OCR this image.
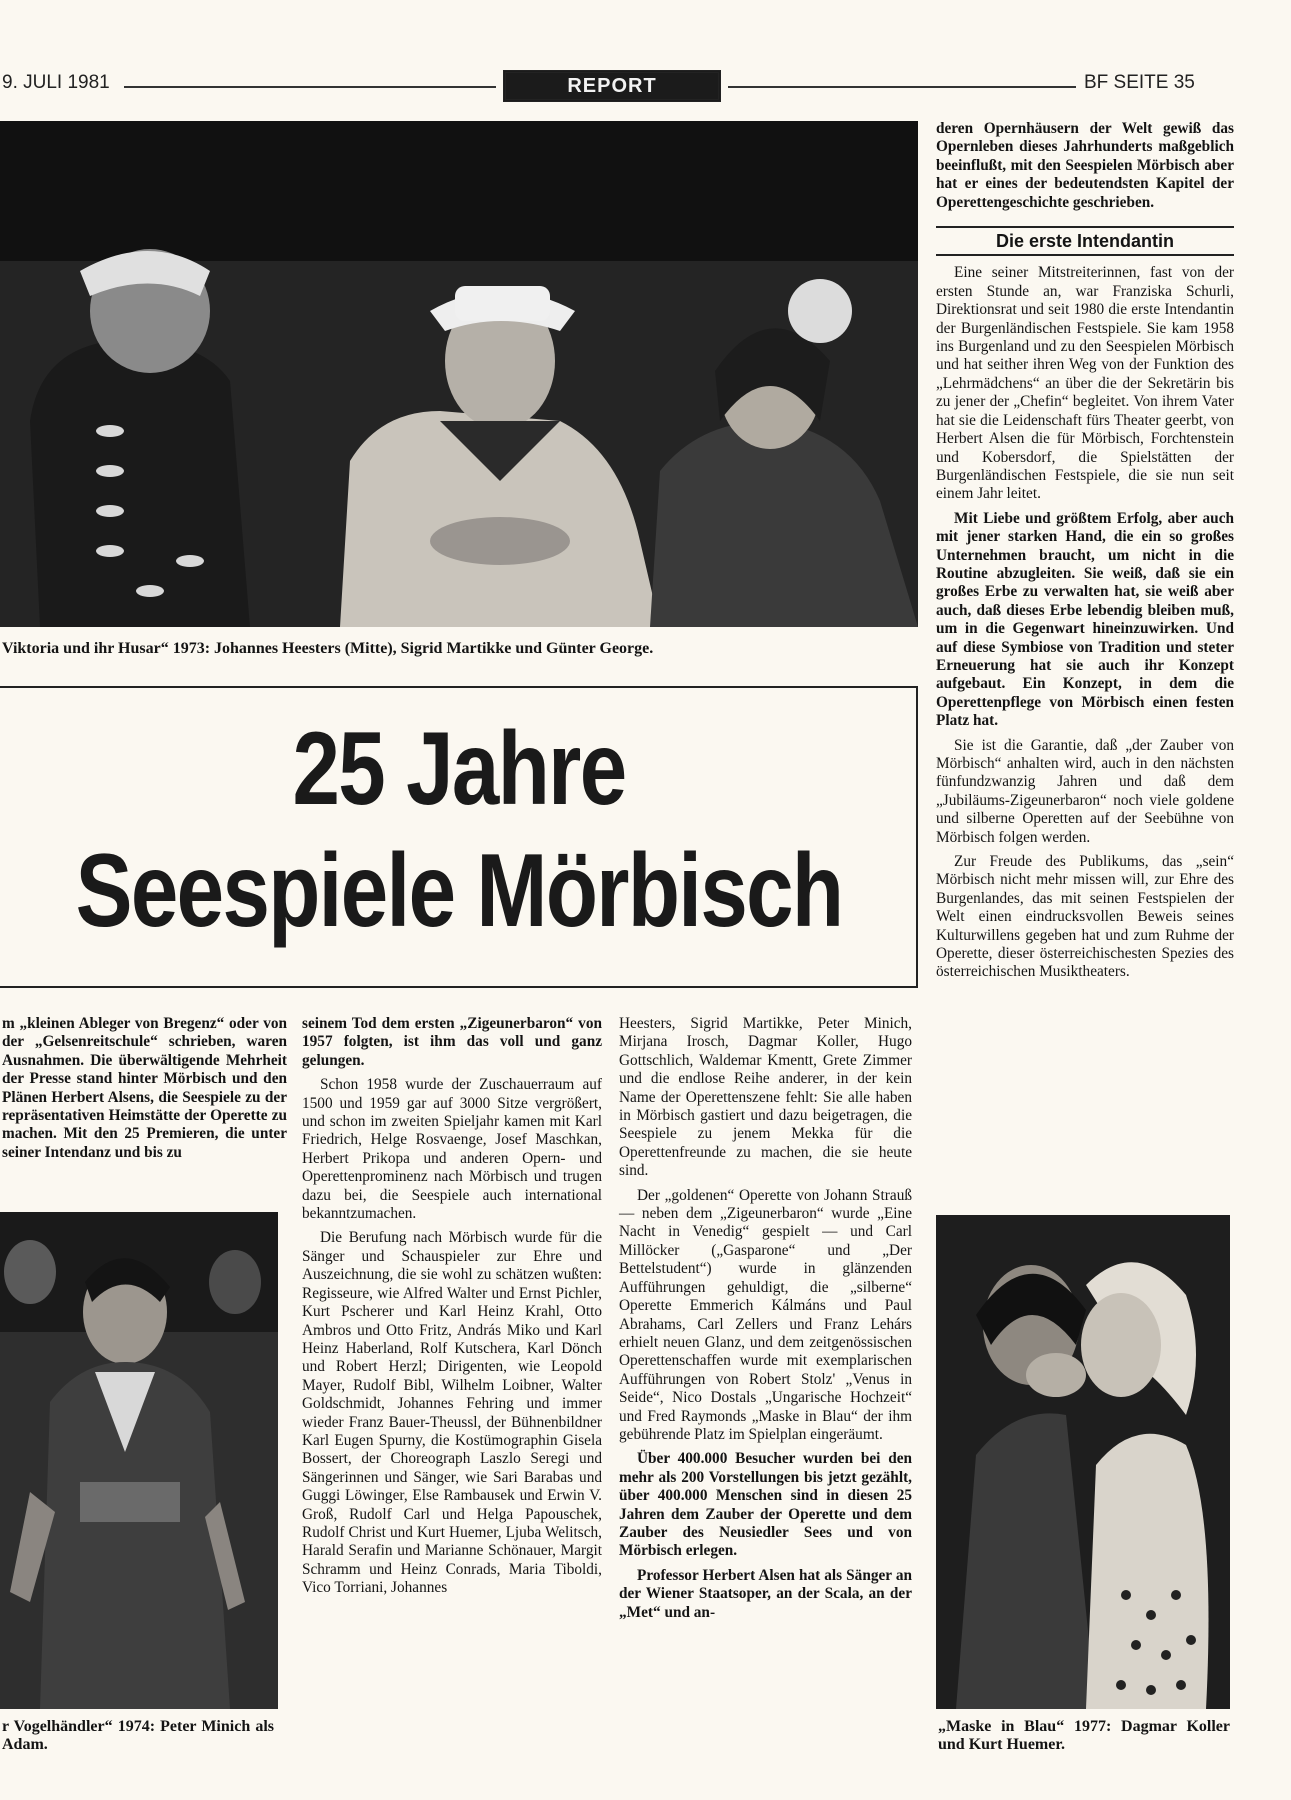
9. JULI 1981	REPORT	BF SEITE 35
Viktoria und ihr Husar“ 1973: Johannes Heesters (Mitte), Sigrid Martikke und Günter George.
25 Jahre
Seespiele Mörbisch

m „kleinen Ableger von Bregenz“ oder von der „Gelsenreitschule“ schrieben, waren Ausnahmen. Die überwältigende Mehrheit der Presse stand hinter Mörbisch und den Plänen Herbert Alsens, die Seespiele zu der repräsentativen Heimstätte der Operette zu machen. Mit den 25 Premieren, die unter seiner Intendanz und bis zu

r Vogelhändler“ 1974: Peter Minich als Adam.

seinem Tod dem ersten „Zigeunerbaron“ von 1957 folgten, ist ihm das voll und ganz gelungen.

Schon 1958 wurde der Zuschauerraum auf 1500 und 1959 gar auf 3000 Sitze vergrößert, und schon im zweiten Spieljahr kamen mit Karl Friedrich, Helge Rosvaenge, Josef Maschkan, Herbert Prikopa und anderen Opern- und Operettenprominenz nach Mörbisch und trugen dazu bei, die Seespiele auch international bekanntzumachen.

Die Berufung nach Mörbisch wurde für die Sänger und Schauspieler zur Ehre und Auszeichnung, die sie wohl zu schätzen wußten: Regisseure, wie Alfred Walter und Ernst Pichler, Kurt Pscherer und Karl Heinz Krahl, Otto Ambros und Otto Fritz, András Miko und Karl Heinz Haberland, Rolf Kutschera, Karl Dönch und Robert Herzl; Dirigenten, wie Leopold Mayer, Rudolf Bibl, Wilhelm Loibner, Walter Goldschmidt, Johannes Fehring und immer wieder Franz Bauer-Theussl, der Bühnenbildner Karl Eugen Spurny, die Kostümographin Gisela Bossert, der Choreograph Laszlo Seregi und Sängerinnen und Sänger, wie Sari Barabas und Guggi Löwinger, Else Rambausek und Erwin V. Groß, Rudolf Carl und Helga Papouschek, Rudolf Christ und Kurt Huemer, Ljuba Welitsch, Harald Serafin und Marianne Schönauer, Margit Schramm und Heinz Conrads, Maria Tiboldi, Vico Torriani, Johannes

Heesters, Sigrid Martikke, Peter Minich, Mirjana Irosch, Dagmar Koller, Hugo Gottschlich, Waldemar Kmentt, Grete Zimmer und die endlose Reihe anderer, in der kein Name der Operettenszene fehlt: Sie alle haben in Mörbisch gastiert und dazu beigetragen, die Seespiele zu jenem Mekka für die Operettenfreunde zu machen, die sie heute sind.

Der „goldenen“ Operette von Johann Strauß — neben dem „Zigeunerbaron“ wurde „Eine Nacht in Venedig“ gespielt — und Carl Millöcker („Gasparone“ und „Der Bettelstudent“) wurde in glänzenden Aufführungen gehuldigt, die „silberne“ Operette Emmerich Kálmáns und Paul Abrahams, Carl Zellers und Franz Lehárs erhielt neuen Glanz, und dem zeitgenössischen Operettenschaffen wurde mit exemplarischen Aufführungen von Robert Stolz' „Venus in Seide“, Nico Dostals „Ungarische Hochzeit“ und Fred Raymonds „Maske in Blau“ der ihm gebührende Platz im Spielplan eingeräumt.

Über 400.000 Besucher wurden bei den mehr als 200 Vorstellungen bis jetzt gezählt, über 400.000 Menschen sind in diesen 25 Jahren dem Zauber der Operette und dem Zauber des Neusiedler Sees und von Mörbisch erlegen.

Professor Herbert Alsen hat als Sänger an der Wiener Staatsoper, an der Scala, an der „Met“ und an-

deren Opernhäusern der Welt gewiß das Opernleben dieses Jahrhunderts maßgeblich beeinflußt, mit den Seespielen Mörbisch aber hat er eines der bedeutendsten Kapitel der Operettengeschichte geschrieben.

Die erste Intendantin

Eine seiner Mitstreiterinnen, fast von der ersten Stunde an, war Franziska Schurli, Direktionsrat und seit 1980 die erste Intendantin der Burgenländischen Festspiele. Sie kam 1958 ins Burgenland und zu den Seespielen Mörbisch und hat seither ihren Weg von der Funktion des „Lehrmädchens“ an über die der Sekretärin bis zu jener der „Chefin“ begleitet. Von ihrem Vater hat sie die Leidenschaft fürs Theater geerbt, von Herbert Alsen die für Mörbisch, Forchtenstein und Kobersdorf, die Spielstätten der Burgenländischen Festspiele, die sie nun seit einem Jahr leitet.

Mit Liebe und größtem Erfolg, aber auch mit jener starken Hand, die ein so großes Unternehmen braucht, um nicht in die Routine abzugleiten. Sie weiß, daß sie ein großes Erbe zu verwalten hat, sie weiß aber auch, daß dieses Erbe lebendig bleiben muß, um in die Gegenwart hineinzuwirken. Und auf diese Symbiose von Tradition und steter Erneuerung hat sie auch ihr Konzept aufgebaut. Ein Konzept, in dem die Operettenpflege von Mörbisch einen festen Platz hat.

Sie ist die Garantie, daß „der Zauber von Mörbisch“ anhalten wird, auch in den nächsten fünfundzwanzig Jahren und daß dem „Jubiläums-Zigeunerbaron“ noch viele goldene und silberne Operetten auf der Seebühne von Mörbisch folgen werden.

Zur Freude des Publikums, das „sein“ Mörbisch nicht mehr missen will, zur Ehre des Burgenlandes, das mit seinen Festspielen der Welt einen eindrucksvollen Beweis seines Kulturwillens gegeben hat und zum Ruhme der Operette, dieser österreichischesten Spezies des österreichischen Musiktheaters.

„Maske in Blau“ 1977: Dagmar Koller und Kurt Huemer.
